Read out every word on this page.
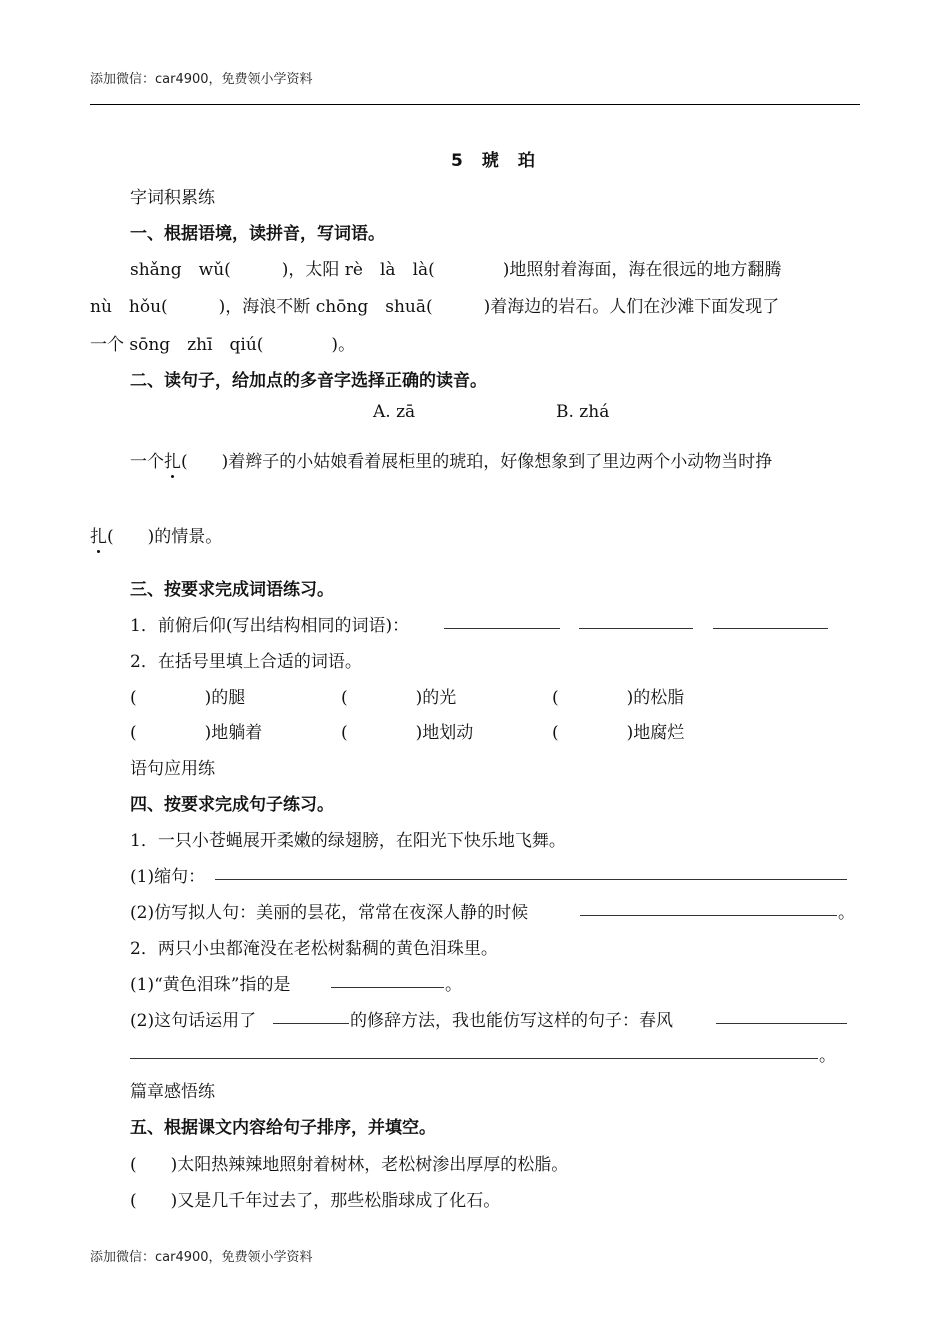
添加微信：car4900，免费领小学资料
5　琥　珀
字词积累练
一、根据语境，读拼音，写词语。
shǎng　wǔ(　　　)，太阳 rè　là　là(　　　　)地照射着海面，海在很远的地方翻腾
nù　hǒu(　　　)，海浪不断 chōng　shuā(　　　)着海边的岩石。人们在沙滩下面发现了
一个 sōng　zhī　qiú(　　　　)。
二、读句子，给加点的多音字选择正确的读音。
A. zā	B. zhá
一个扎(　　)着辫子的小姑娘看着展柜里的琥珀，好像想象到了里边两个小动物当时挣
扎(　　)的情景。
三、按要求完成词语练习。
1．前俯后仰(写出结构相同的词语)：
2．在括号里填上合适的词语。
(　　　　)的腿	(　　　　)的光	(　　　　)的松脂
(　　　　)地躺着	(　　　　)地划动	(　　　　)地腐烂
语句应用练
四、按要求完成句子练习。
1．一只小苍蝇展开柔嫩的绿翅膀，在阳光下快乐地飞舞。
(1)缩句：
(2)仿写拟人句：美丽的昙花，常常在夜深人静的时候	。
2．两只小虫都淹没在老松树黏稠的黄色泪珠里。
(1)“黄色泪珠”指的是	。
(2)这句话运用了	的修辞方法，我也能仿写这样的句子：春风
。
篇章感悟练
五、根据课文内容给句子排序，并填空。
(　　)太阳热辣辣地照射着树林，老松树渗出厚厚的松脂。
(　　)又是几千年过去了，那些松脂球成了化石。
添加微信：car4900，免费领小学资料
